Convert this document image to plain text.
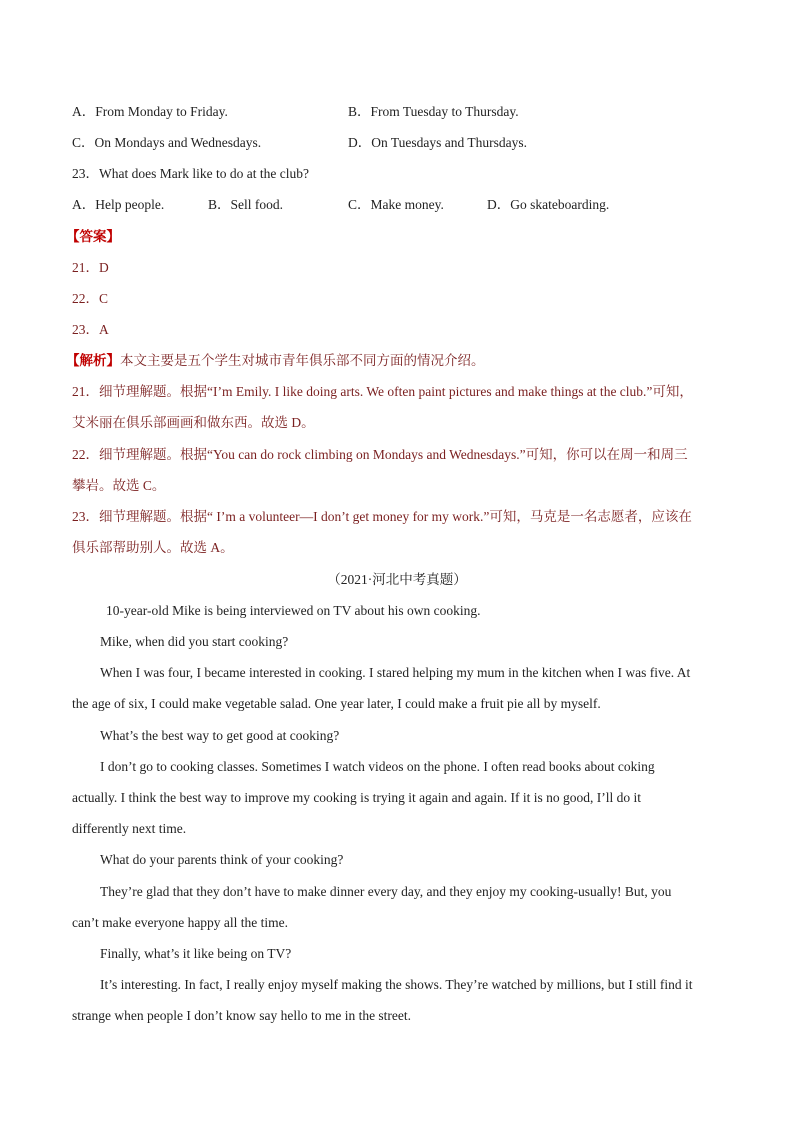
A．From Monday to Friday.	B．From Tuesday to Thursday.
C．On Mondays and Wednesdays.	D．On Tuesdays and Thursdays.
23．What does Mark like to do at the club?
A．Help people.	B．Sell food.	C．Make money.	D．Go skateboarding.
【答案】
21．D
22．C
23．A
【解析】本文主要是五个学生对城市青年俱乐部不同方面的情况介绍。
21．细节理解题。根据“I’m Emily. I like doing arts. We often paint pictures and make things at the club.”可知，
艾米丽在俱乐部画画和做东西。故选 D。
22．细节理解题。根据“You can do rock climbing on Mondays and Wednesdays.”可知，你可以在周一和周三
攀岩。故选 C。
23．细节理解题。根据“ I’m a volunteer—I don’t get money for my work.”可知，马克是一名志愿者，应该在
俱乐部帮助别人。故选 A。
（2021·河北中考真题）
10-year-old Mike is being interviewed on TV about his own cooking.
Mike, when did you start cooking?
When I was four, I became interested in cooking. I stared helping my mum in the kitchen when I was five. At
the age of six, I could make vegetable salad. One year later, I could make a fruit pie all by myself.
What’s the best way to get good at cooking?
I don’t go to cooking classes. Sometimes I watch videos on the phone. I often read books about coking
actually. I think the best way to improve my cooking is trying it again and again. If it is no good, I’ll do it
differently next time.
What do your parents think of your cooking?
They’re glad that they don’t have to make dinner every day, and they enjoy my cooking-usually! But, you
can’t make everyone happy all the time.
Finally, what’s it like being on TV?
It’s interesting. In fact, I really enjoy myself making the shows. They’re watched by millions, but I still find it
strange when people I don’t know say hello to me in the street.
